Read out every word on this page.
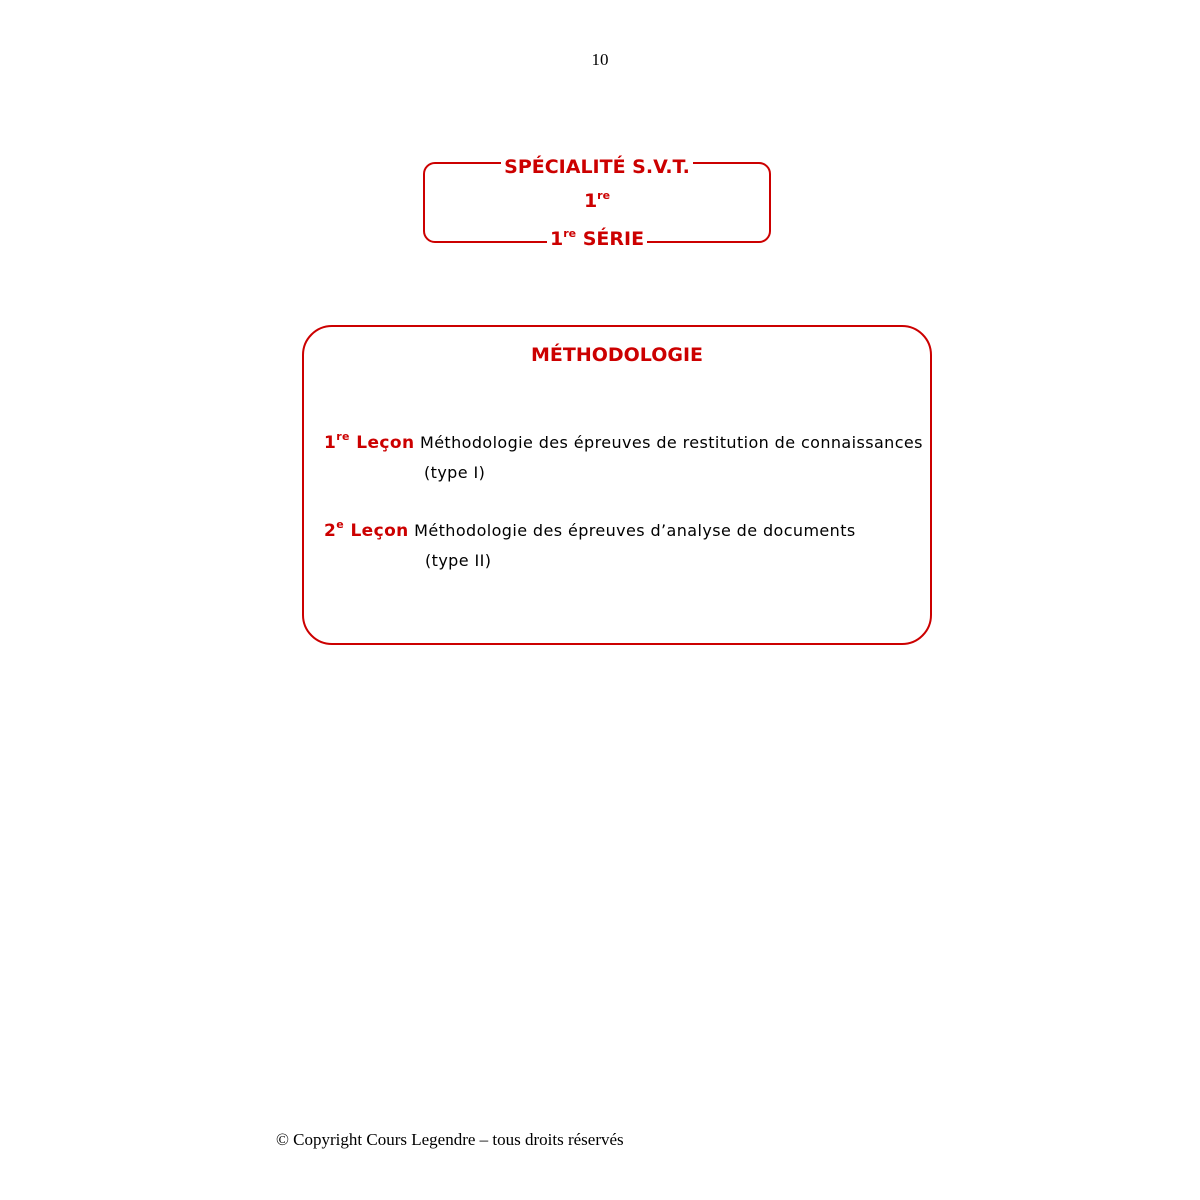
10
SPÉCIALITÉ S.V.T.
1re
1re SÉRIE
MÉTHODOLOGIE
1re Leçon Méthodologie des épreuves de restitution de connaissances
(type I)
2e Leçon Méthodologie des épreuves d’analyse de documents
(type II)
© Copyright Cours Legendre – tous droits réservés
